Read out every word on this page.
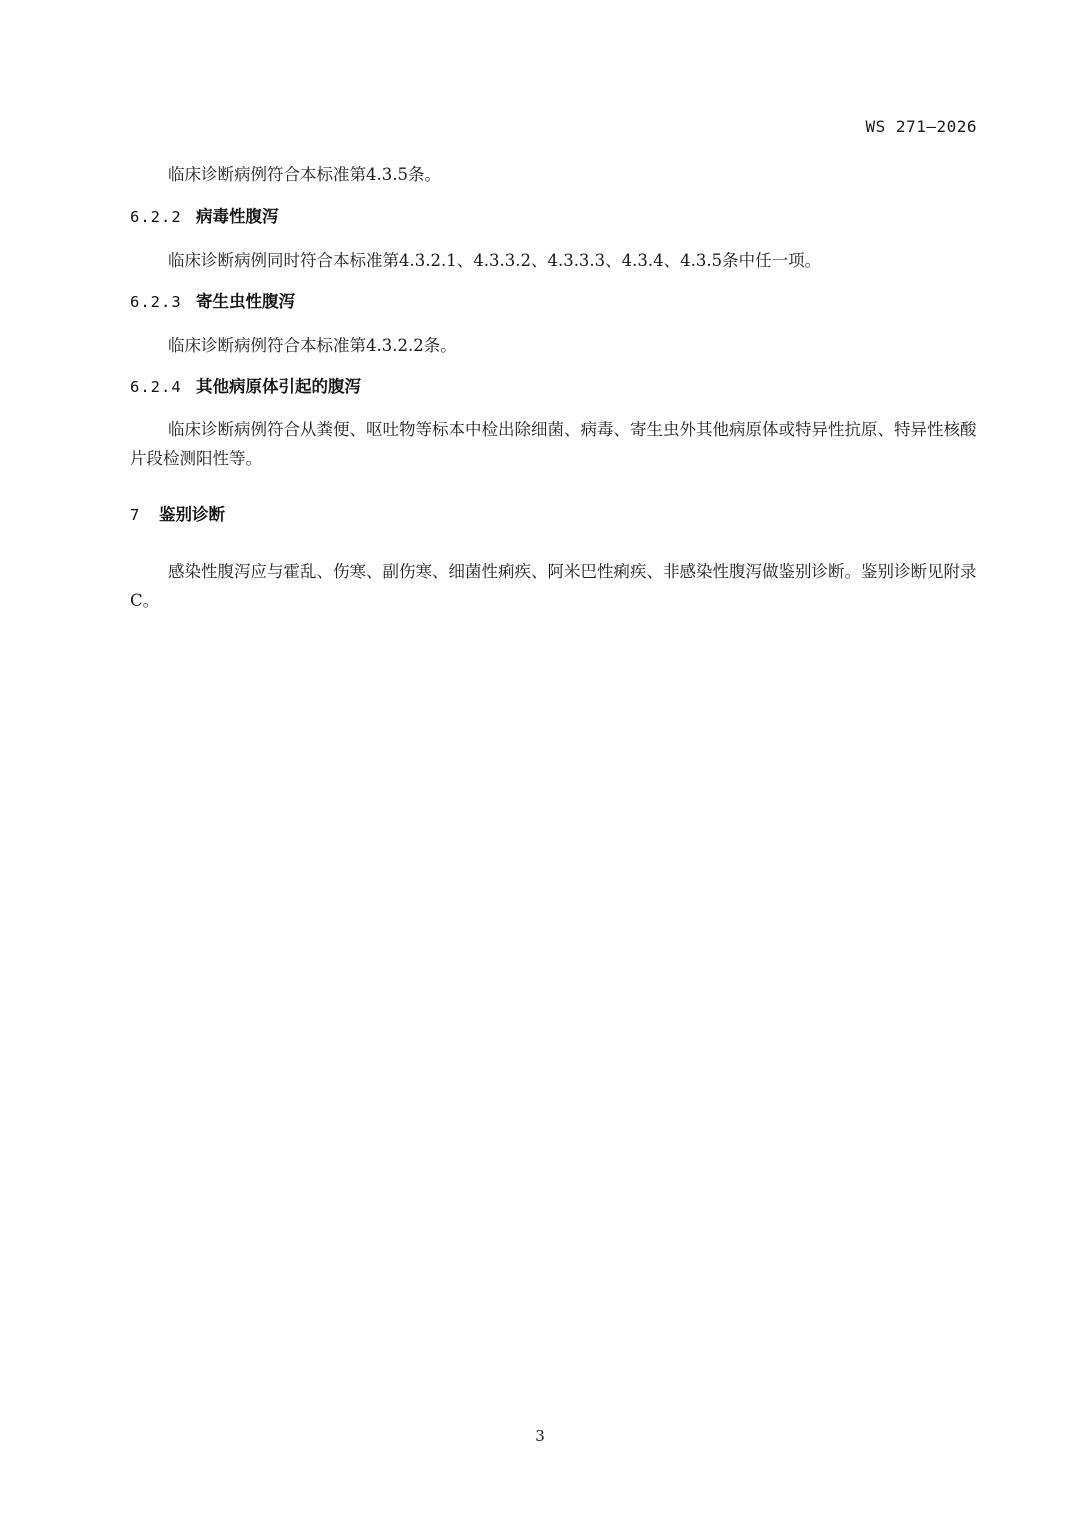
WS 271—2026

临床诊断病例符合本标准第4.3.5条。

6.2.2 病毒性腹泻

临床诊断病例同时符合本标准第4.3.2.1、4.3.3.2、4.3.3.3、4.3.4、4.3.5条中任一项。

6.2.3 寄生虫性腹泻

临床诊断病例符合本标准第4.3.2.2条。

6.2.4 其他病原体引起的腹泻

临床诊断病例符合从粪便、呕吐物等标本中检出除细菌、病毒、寄生虫外其他病原体或特异性抗原、特异性核酸片段检测阳性等。

7 鉴别诊断

感染性腹泻应与霍乱、伤寒、副伤寒、细菌性痢疾、阿米巴性痢疾、非感染性腹泻做鉴别诊断。鉴别诊断见附录C。

3
